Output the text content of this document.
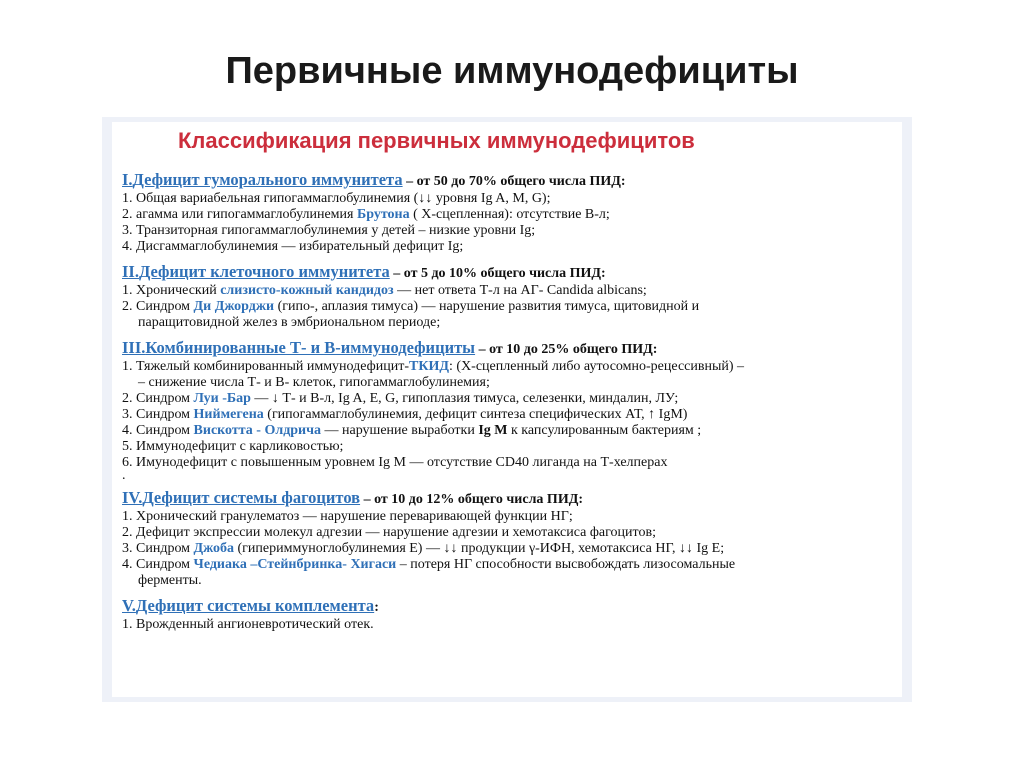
Первичные иммунодефициты
Классификация первичных иммунодефицитов
I.Дефицит гуморального иммунитета – от 50 до 70% общего числа ПИД:
1. Общая вариабельная гипогаммаглобулинемия (↓↓ уровня Ig A, M, G);
2. агамма или гипогаммаглобулинемия Брутона ( X-сцепленная): отсутствие В-л;
3. Транзиторная гипогаммаглобулинемия у детей – низкие уровни Ig;
4. Дисгаммаглобулинемия — избирательный дефицит Ig;
II.Дефицит клеточного иммунитета – от 5 до 10% общего числа ПИД:
1. Хронический слизисто-кожный кандидоз — нет ответа Т-л на АГ- Candida albicans;
2. Синдром Ди Джорджи (гипо-, аплазия тимуса) — нарушение развития тимуса, щитовидной и
паращитовидной желез в эмбриональном периоде;
III.Комбинированные Т- и В-иммунодефициты – от 10 до 25% общего ПИД:
1. Тяжелый комбинированный иммунодефицит-ТКИД: (X-сцепленный либо аутосомно-рецессивный) –
– снижение числа Т- и В- клеток, гипогаммаглобулинемия;
2. Синдром Луи -Бар — ↓ Т- и В-л, Ig A, E, G, гипоплазия тимуса, селезенки, миндалин, ЛУ;
3. Синдром Ниймегена (гипогаммаглобулинемия, дефицит синтеза специфических АТ, ↑ IgM)
4. Синдром Вискотта - Олдрича — нарушение выработки Ig M к капсулированным бактериям ;
5. Иммунодефицит с карликовостью;
6. Имунодефицит с повышенным уровнем Ig M — отсутствие CD40 лиганда на Т-хелперах
.
IV.Дефицит системы фагоцитов – от 10 до 12% общего числа ПИД:
1. Хронический гранулематоз — нарушение переваривающей функции НГ;
2. Дефицит экспрессии молекул адгезии — нарушение адгезии и хемотаксиса фагоцитов;
3. Синдром Джоба (гипериммуноглобулинемия Е) — ↓↓ продукции γ-ИФН, хемотаксиса НГ, ↓↓ Ig E;
4. Синдром Чедиака –Стейнбринка- Хигаси – потеря НГ способности высвобождать лизосомальные
ферменты.
V.Дефицит системы комплемента:
1. Врожденный ангионевротический отек.
